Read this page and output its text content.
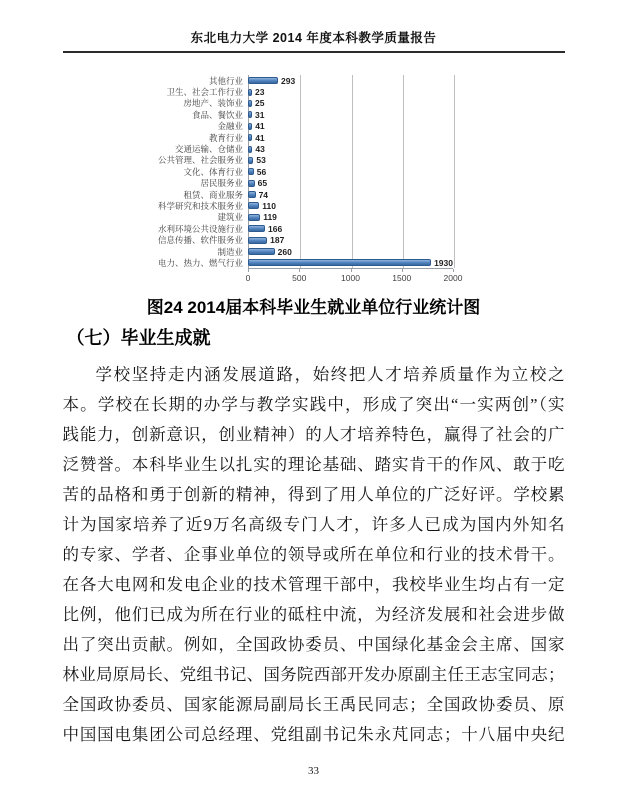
东北电力大学 2014 年度本科教学质量报告
其他行业	293
卫生、社会工作行业	23
房地产、装饰业	25
食品、餐饮业	31
金融业	41
教育行业	41
交通运输、仓储业	43
公共管理、社会服务业	53
文化、体育行业	56
居民服务业	65
租赁、商业服务	74
科学研究和技术服务业	110
建筑业	119
水利环境公共设施行业	166
信息传播、软件服务业	187
制造业	260
电力、热力、燃气行业	1930
0	500	1000	1500	2000
图24 2014届本科毕业生就业单位行业统计图
（七）毕业生成就
学校坚持走内涵发展道路，始终把人才培养质量作为立校之
本。学校在长期的办学与教学实践中，形成了突出“一实两创”（实
践能力，创新意识，创业精神）的人才培养特色，赢得了社会的广
泛赞誉。本科毕业生以扎实的理论基础、踏实肯干的作风、敢于吃
苦的品格和勇于创新的精神，得到了用人单位的广泛好评。学校累
计为国家培养了近9万名高级专门人才，许多人已成为国内外知名
的专家、学者、企事业单位的领导或所在单位和行业的技术骨干。
在各大电网和发电企业的技术管理干部中，我校毕业生均占有一定
比例，他们已成为所在行业的砥柱中流，为经济发展和社会进步做
出了突出贡献。例如，全国政协委员、中国绿化基金会主席、国家
林业局原局长、党组书记、国务院西部开发办原副主任王志宝同志；
全国政协委员、国家能源局副局长王禹民同志；全国政协委员、原
中国国电集团公司总经理、党组副书记朱永芃同志；十八届中央纪
33
